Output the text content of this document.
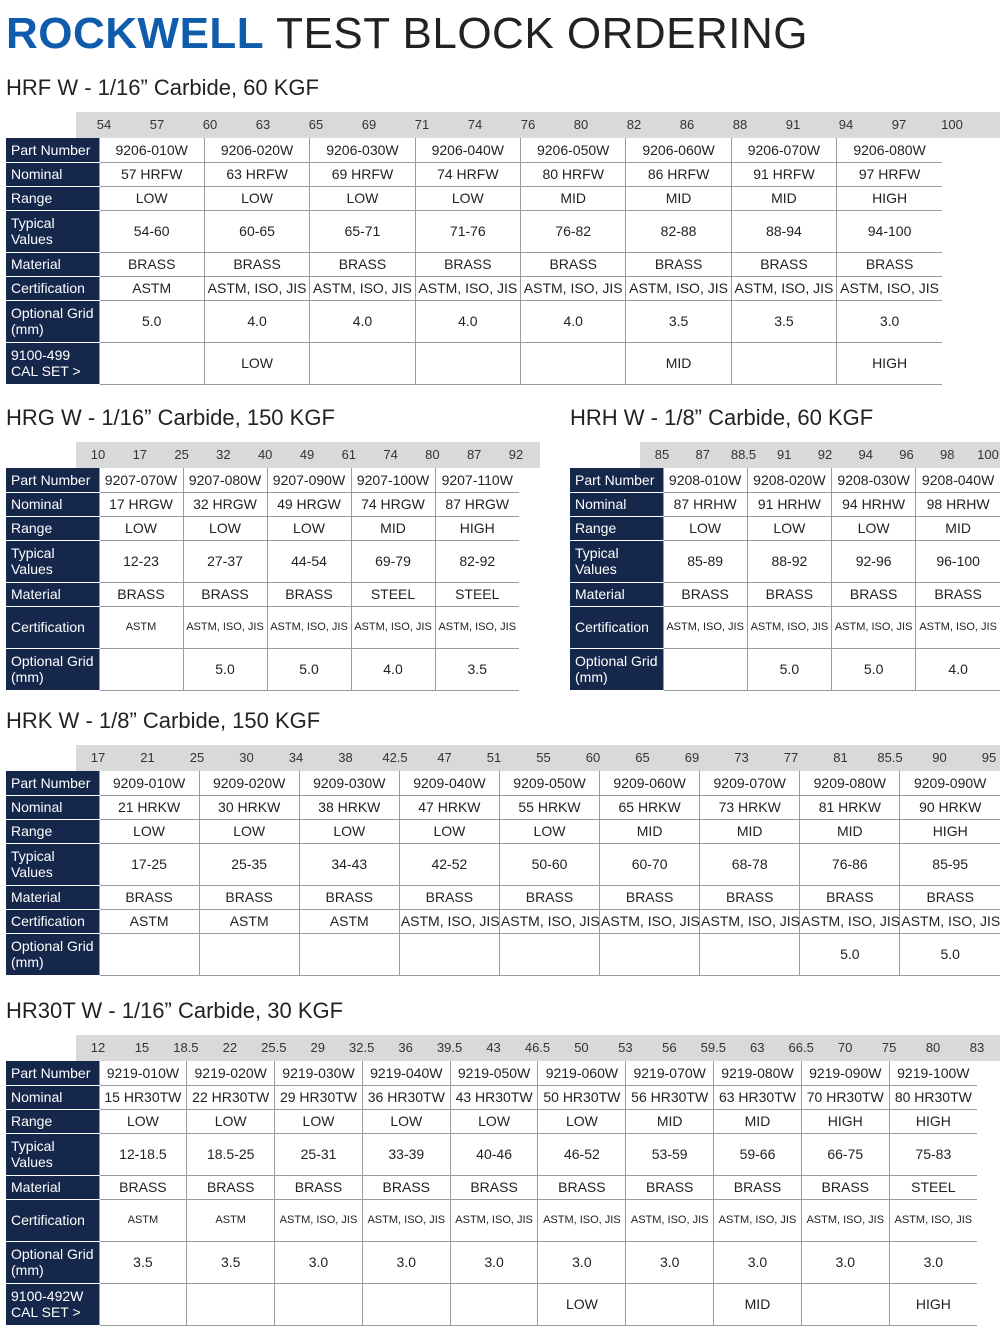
ROCKWELL TEST BLOCK ORDERING
HRF W - 1/16” Carbide, 60 KGF
54	57	60	63	65	69	71	74	76	80	82	86	88	91	94	97	100
Part Number	9206-010W	9206-020W	9206-030W	9206-040W	9206-050W	9206-060W	9206-070W	9206-080W
Nominal	57 HRFW	63 HRFW	69 HRFW	74 HRFW	80 HRFW	86 HRFW	91 HRFW	97 HRFW
Range	LOW	LOW	LOW	LOW	MID	MID	MID	HIGH
Typical Values	54-60	60-65	65-71	71-76	76-82	82-88	88-94	94-100
Material	BRASS	BRASS	BRASS	BRASS	BRASS	BRASS	BRASS	BRASS
Certification	ASTM	ASTM, ISO, JIS	ASTM, ISO, JIS	ASTM, ISO, JIS	ASTM, ISO, JIS	ASTM, ISO, JIS	ASTM, ISO, JIS	ASTM, ISO, JIS
Optional Grid (mm)	5.0	4.0	4.0	4.0	4.0	3.5	3.5	3.0
9100-499 CAL SET >		LOW				MID		HIGH
HRG W - 1/16” Carbide, 150 KGF
10 17 25 32 40 49 61 74 80 87 92
Part Number	9207-070W	9207-080W	9207-090W	9207-100W	9207-110W
Nominal	17 HRGW	32 HRGW	49 HRGW	74 HRGW	87 HRGW
Range	LOW	LOW	LOW	MID	HIGH
Typical Values	12-23	27-37	44-54	69-79	82-92
Material	BRASS	BRASS	BRASS	STEEL	STEEL
Certification	ASTM	ASTM, ISO, JIS	ASTM, ISO, JIS	ASTM, ISO, JIS	ASTM, ISO, JIS
Optional Grid (mm)		5.0	5.0	4.0	3.5
HRH W - 1/8” Carbide, 60 KGF
85 87 88.5 91 92 94 96 98 100
Part Number	9208-010W	9208-020W	9208-030W	9208-040W
Nominal	87 HRHW	91 HRHW	94 HRHW	98 HRHW
Range	LOW	LOW	LOW	MID
Typical Values	85-89	88-92	92-96	96-100
Material	BRASS	BRASS	BRASS	BRASS
Certification	ASTM, ISO, JIS	ASTM, ISO, JIS	ASTM, ISO, JIS	ASTM, ISO, JIS
Optional Grid (mm)		5.0	5.0	4.0
HRK W - 1/8” Carbide, 150 KGF
17	21	25	30	34	38 42.5 47	51	55	60	65	69	73	77	81 85.5 90	95
Part Number	9209-010W	9209-020W	9209-030W	9209-040W	9209-050W	9209-060W	9209-070W	9209-080W	9209-090W
Nominal	21 HRKW	30 HRKW	38 HRKW	47 HRKW	55 HRKW	65 HRKW	73 HRKW	81 HRKW	90 HRKW
Range	LOW	LOW	LOW	LOW	LOW	MID	MID	MID	HIGH
Typical Values	17-25	25-35	34-43	42-52	50-60	60-70	68-78	76-86	85-95
Material	BRASS	BRASS	BRASS	BRASS	BRASS	BRASS	BRASS	BRASS	BRASS
Certification	ASTM	ASTM	ASTM	ASTM, ISO, JIS	ASTM, ISO, JIS	ASTM, ISO, JIS	ASTM, ISO, JIS	ASTM, ISO, JIS	ASTM, ISO, JIS
Optional Grid (mm)								5.0	5.0
HR30T W - 1/16” Carbide, 30 KGF
12 15 18.5 22 25.5 29 32.5 36 39.5 43 46.5 50 53 56 59.5 63 66.5 70 75 80 83
Part Number	9219-010W	9219-020W	9219-030W	9219-040W	9219-050W	9219-060W	9219-070W	9219-080W	9219-090W	9219-100W
Nominal	15 HR30TW	22 HR30TW	29 HR30TW	36 HR30TW	43 HR30TW	50 HR30TW	56 HR30TW	63 HR30TW	70 HR30TW	80 HR30TW
Range	LOW	LOW	LOW	LOW	LOW	LOW	MID	MID	HIGH	HIGH
Typical Values	12-18.5	18.5-25	25-31	33-39	40-46	46-52	53-59	59-66	66-75	75-83
Material	BRASS	BRASS	BRASS	BRASS	BRASS	BRASS	BRASS	BRASS	BRASS	STEEL
Certification	ASTM	ASTM	ASTM, ISO, JIS	ASTM, ISO, JIS	ASTM, ISO, JIS	ASTM, ISO, JIS	ASTM, ISO, JIS	ASTM, ISO, JIS	ASTM, ISO, JIS	ASTM, ISO, JIS
Optional Grid (mm)	3.5	3.5	3.0	3.0	3.0	3.0	3.0	3.0	3.0	3.0
9100-492W CAL SET >						LOW		MID		HIGH
